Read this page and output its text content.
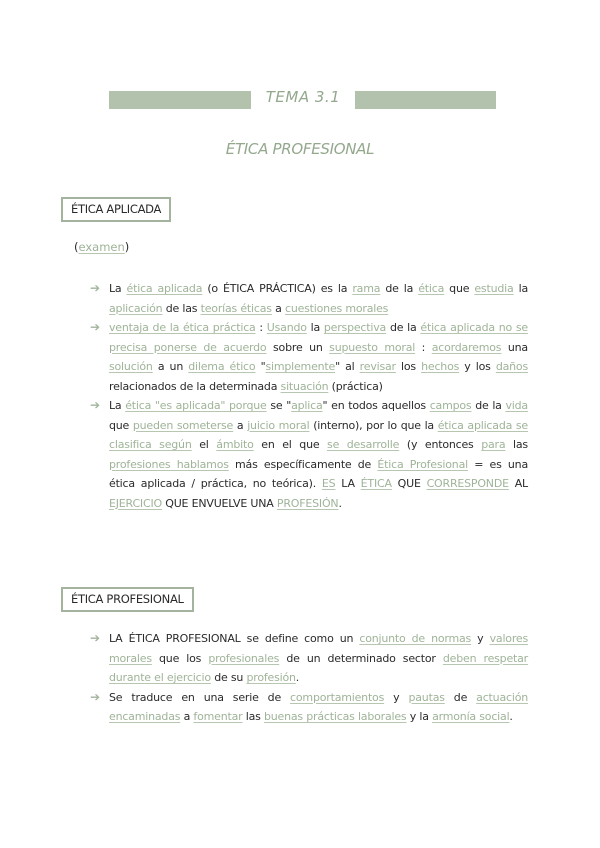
TEMA 3.1
ÉTICA PROFESIONAL
ÉTICA APLICADA
(examen)
➔ La ética aplicada (o ÉTICA PRÁCTICA) es la rama de la ética que estudia la aplicación de las teorías éticas a cuestiones morales
➔ ventaja de la ética práctica : Usando la perspectiva de la ética aplicada no se precisa ponerse de acuerdo sobre un supuesto moral : acordaremos una solución a un dilema ético "simplemente" al revisar los hechos y los daños relacionados de la determinada situación (práctica)
➔ La ética "es aplicada" porque se "aplica" en todos aquellos campos de la vida que pueden someterse a juicio moral (interno), por lo que la ética aplicada se clasifica según el ámbito en el que se desarrolle (y entonces para las profesiones hablamos más específicamente de Ética Profesional = es una ética aplicada / práctica, no teórica). ES LA ÉTICA QUE CORRESPONDE AL EJERCICIO QUE ENVUELVE UNA PROFESIÓN.
ÉTICA PROFESIONAL
➔ LA ÉTICA PROFESIONAL se define como un conjunto de normas y valores morales que los profesionales de un determinado sector deben respetar durante el ejercicio de su profesión.
➔ Se traduce en una serie de comportamientos y pautas de actuación encaminadas a fomentar las buenas prácticas laborales y la armonía social.
